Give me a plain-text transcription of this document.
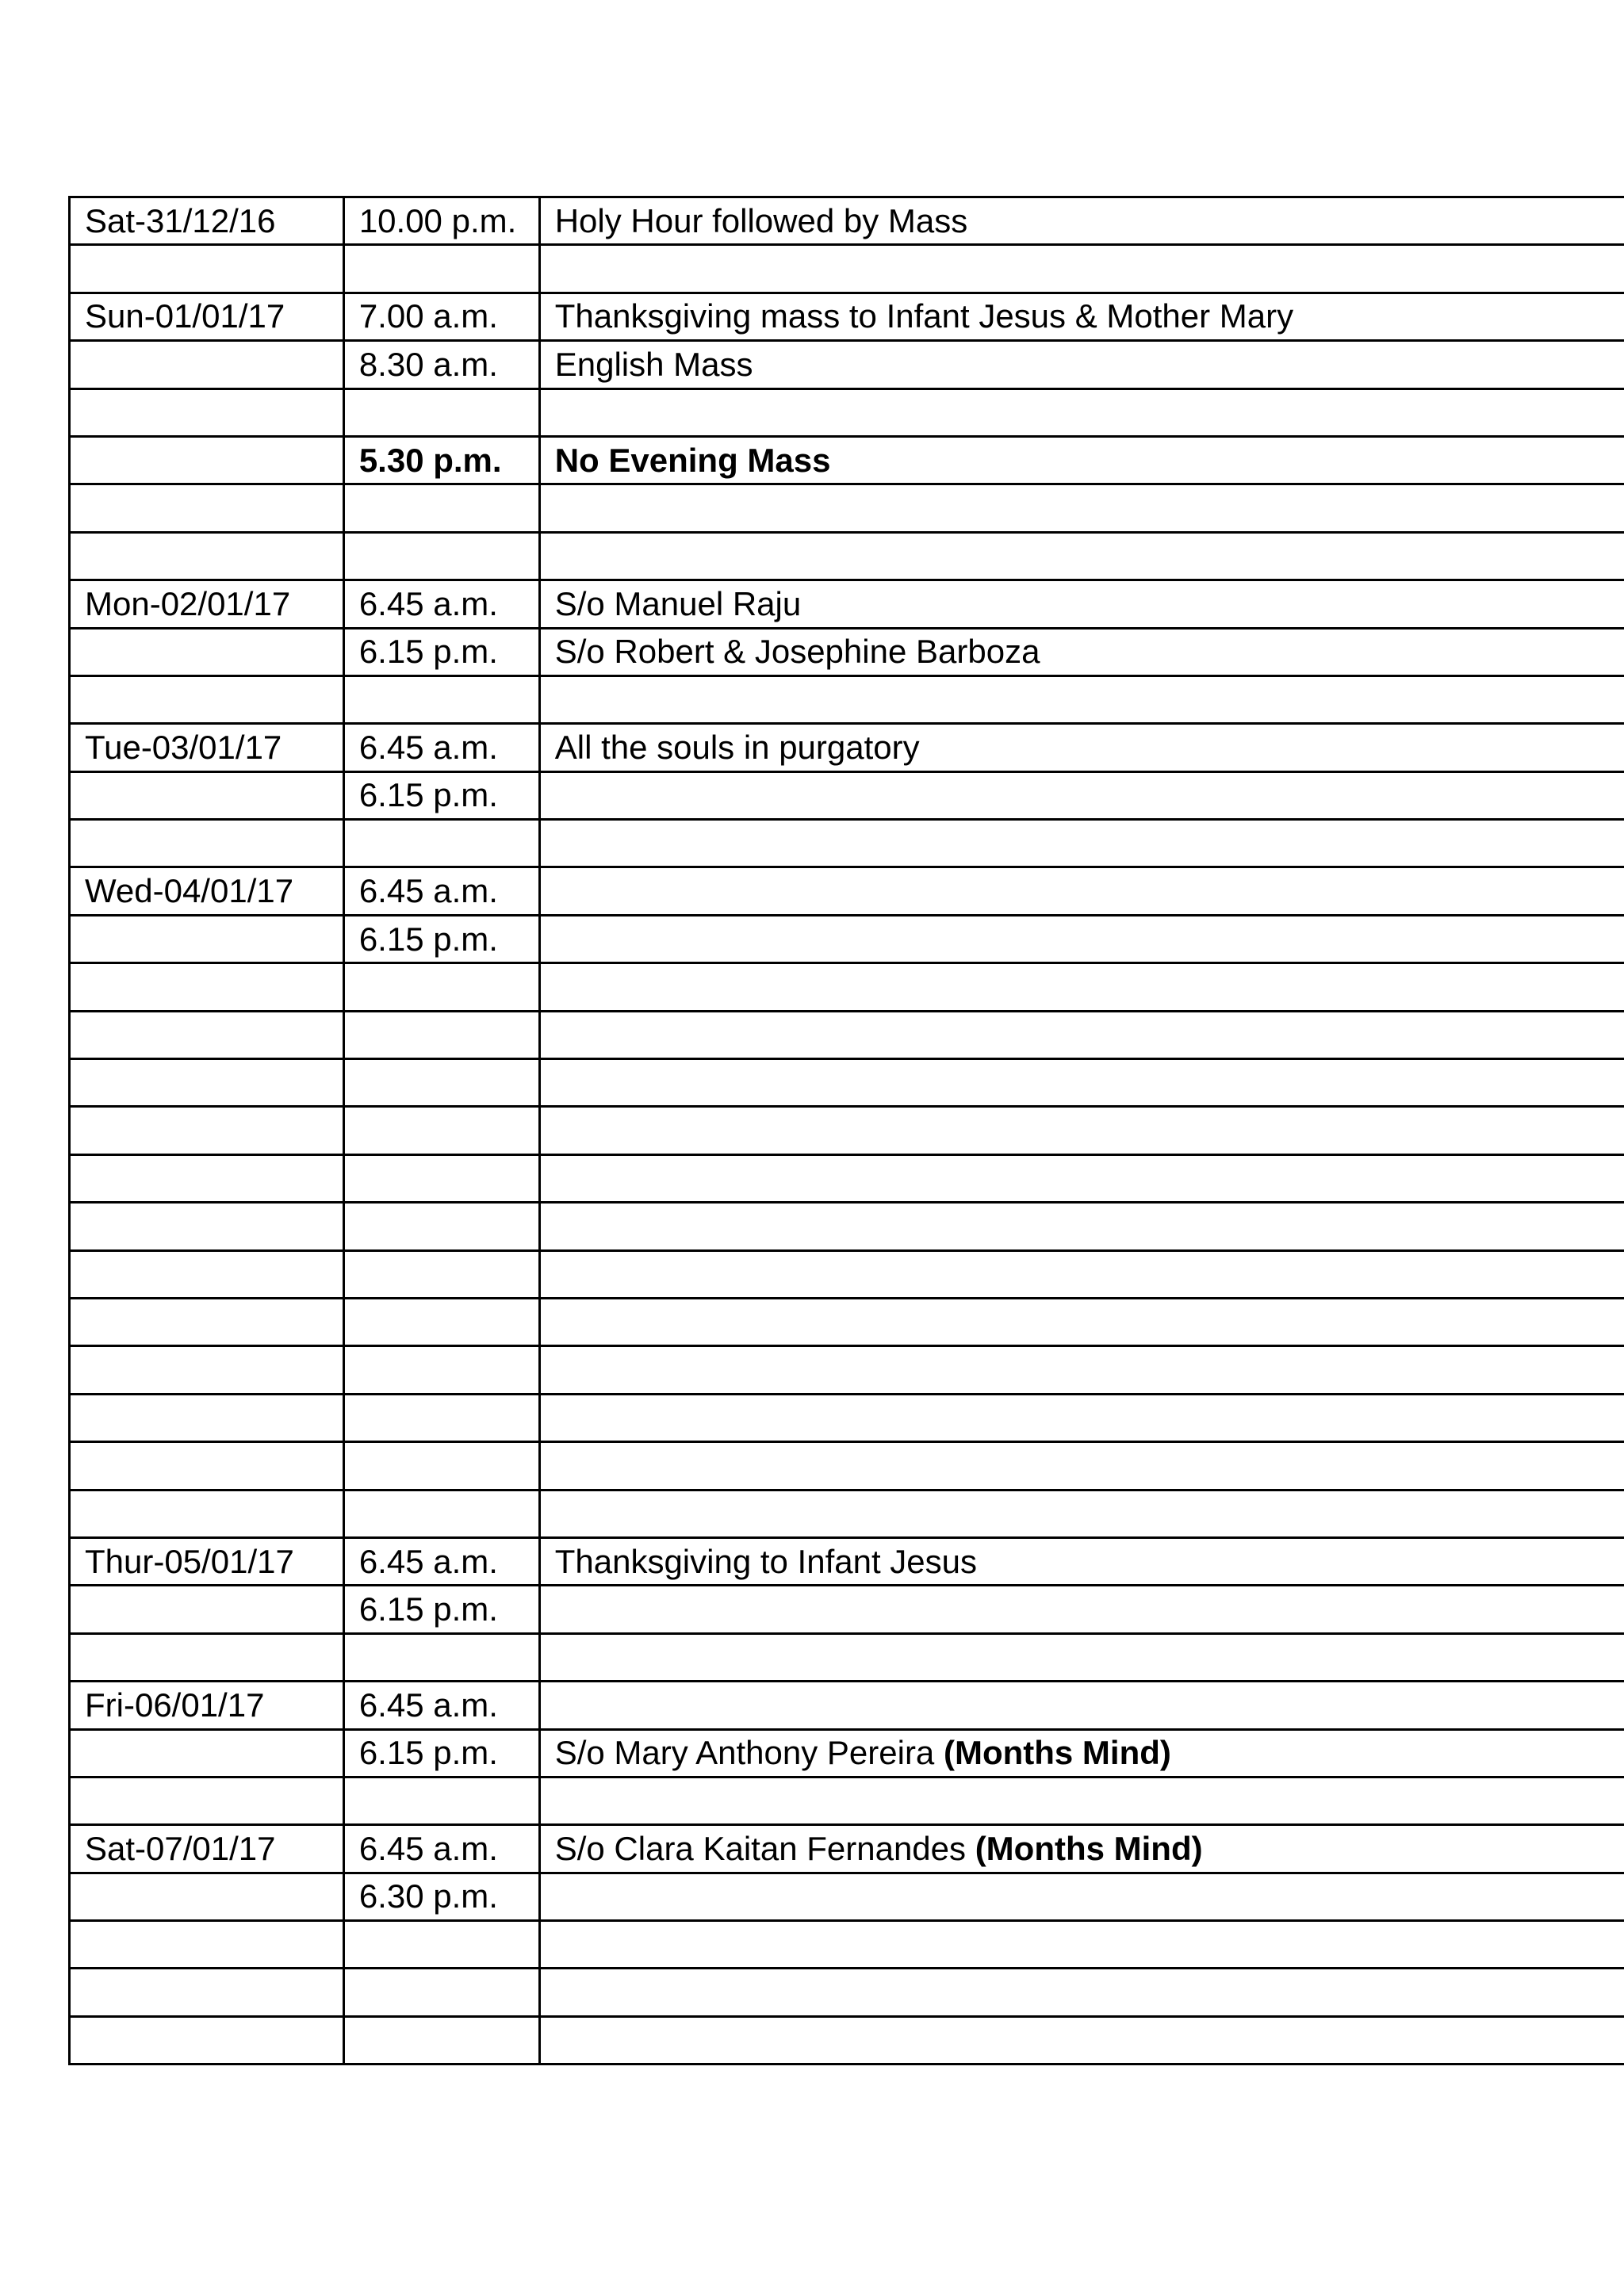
Sat-31/12/16	10.00 p.m.	Holy Hour followed by Mass

Sun-01/01/17	7.00 a.m.	Thanksgiving mass to Infant Jesus & Mother Mary
	8.30 a.m.	English Mass

	5.30 p.m.	No Evening Mass

Mon-02/01/17	6.45 a.m.	S/o Manuel Raju
	6.15 p.m.	S/o Robert & Josephine Barboza

Tue-03/01/17	6.45 a.m.	All the souls in purgatory
	6.15 p.m.	

Wed-04/01/17	6.45 a.m.	
	6.15 p.m.	

Thur-05/01/17	6.45 a.m.	Thanksgiving to Infant Jesus
	6.15 p.m.	

Fri-06/01/17	6.45 a.m.	
	6.15 p.m.	S/o Mary Anthony Pereira (Months Mind)

Sat-07/01/17	6.45 a.m.	S/o Clara Kaitan Fernandes (Months Mind)
	6.30 p.m.	
